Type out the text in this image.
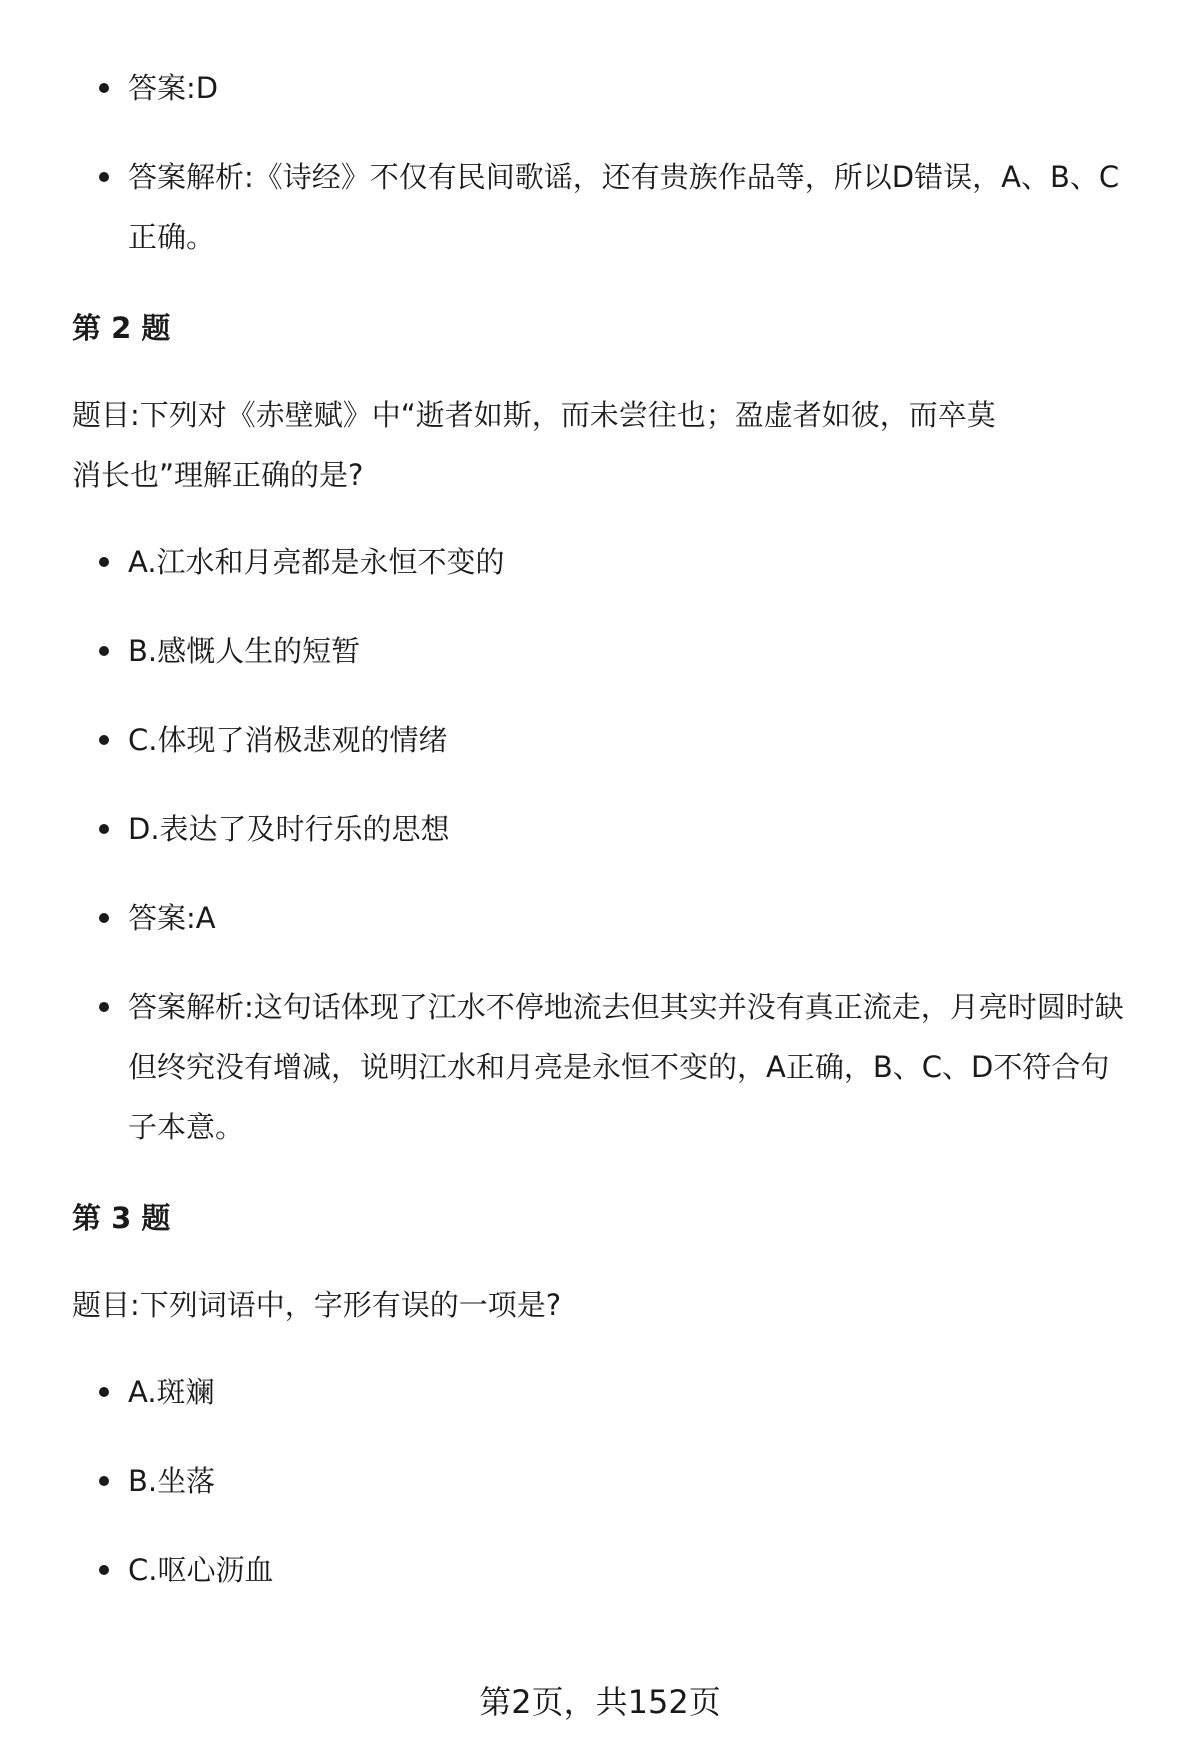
答案:D
答案解析:《诗经》不仅有民间歌谣，还有贵族作品等，所以D错误，A、B、C正确。
第 2 题
题目:下列对《赤壁赋》中“逝者如斯，而未尝往也；盈虚者如彼，而卒莫消长也”理解正确的是?
A.江水和月亮都是永恒不变的
B.感慨人生的短暂
C.体现了消极悲观的情绪
D.表达了及时行乐的思想
答案:A
答案解析:这句话体现了江水不停地流去但其实并没有真正流走，月亮时圆时缺但终究没有增减，说明江水和月亮是永恒不变的，A正确，B、C、D不符合句子本意。
第 3 题
题目:下列词语中，字形有误的一项是?
A.斑斓
B.坐落
C.呕心沥血
第2页，共152页
